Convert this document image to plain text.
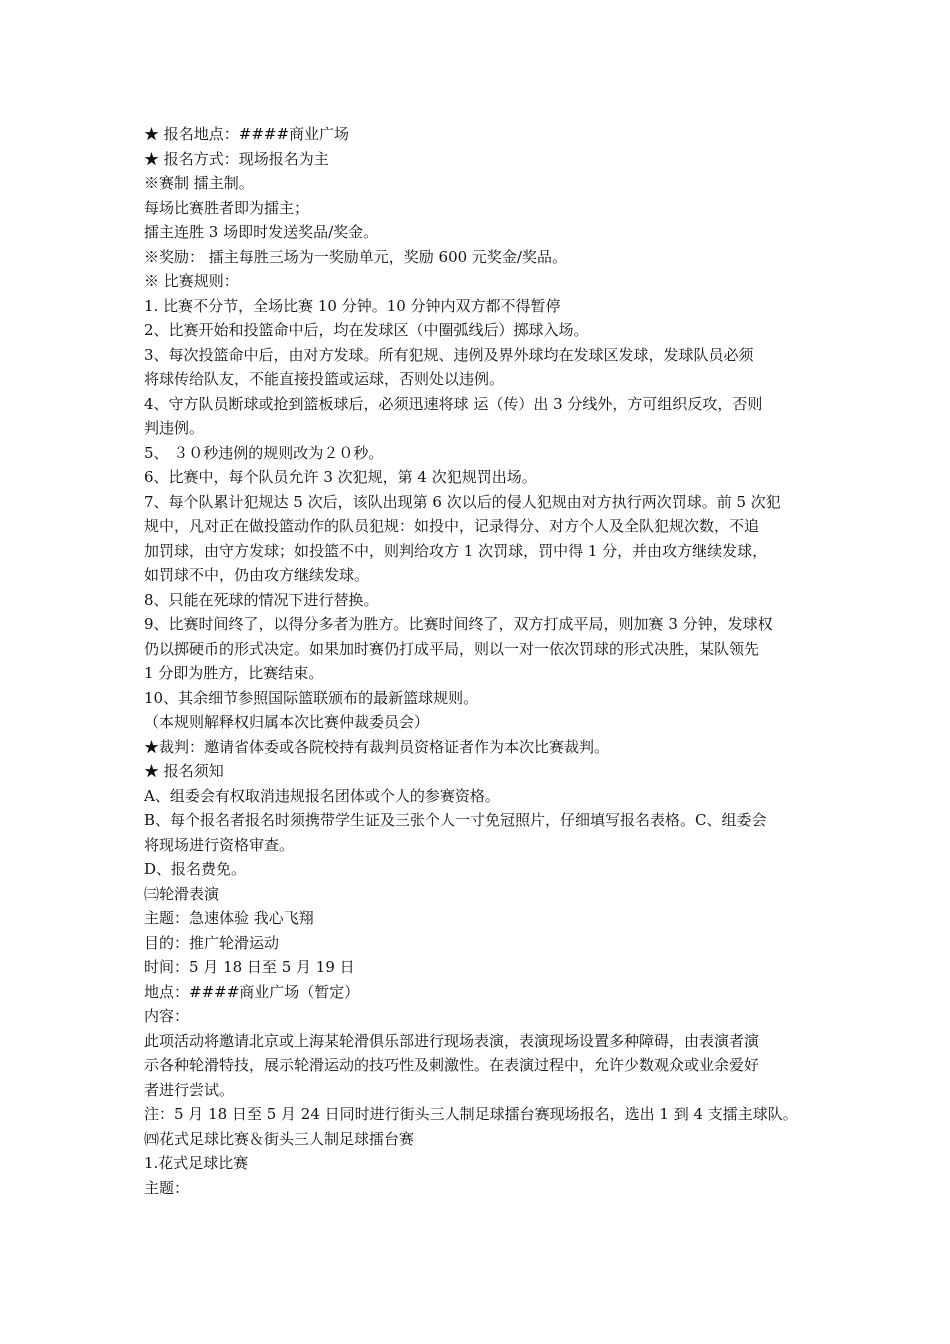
★ 报名地点：####商业广场
★ 报名方式：现场报名为主
※赛制 擂主制。
每场比赛胜者即为擂主；
擂主连胜 3 场即时发送奖品/奖金。
※奖励： 擂主每胜三场为一奖励单元，奖励 600 元奖金/奖品。
※ 比赛规则：
1. 比赛不分节，全场比赛 10 分钟。10 分钟内双方都不得暂停
2、比赛开始和投篮命中后，均在发球区（中圈弧线后）掷球入场。
3、每次投篮命中后，由对方发球。所有犯规、违例及界外球均在发球区发球，发球队员必须
将球传给队友，不能直接投篮或运球，否则处以违例。
4、守方队员断球或抢到篮板球后，必须迅速将球 运（传）出 3 分线外，方可组织反攻，否则
判违例。
5、 ３０秒违例的规则改为２０秒。
6、比赛中，每个队员允许 3 次犯规，第 4 次犯规罚出场。
7、每个队累计犯规达 5 次后，该队出现第 6 次以后的侵人犯规由对方执行两次罚球。前 5 次犯
规中，凡对正在做投篮动作的队员犯规：如投中，记录得分、对方个人及全队犯规次数，不追
加罚球，由守方发球；如投篮不中，则判给攻方 1 次罚球，罚中得 1 分，并由攻方继续发球，
如罚球不中，仍由攻方继续发球。
8、只能在死球的情况下进行替换。
9、比赛时间终了，以得分多者为胜方。比赛时间终了，双方打成平局，则加赛 3 分钟，发球权
仍以掷硬币的形式决定。如果加时赛仍打成平局，则以一对一依次罚球的形式决胜，某队领先
1 分即为胜方，比赛结束。
10、其余细节参照国际篮联颁布的最新篮球规则。
（本规则解释权归属本次比赛仲裁委员会）
★裁判：邀请省体委或各院校持有裁判员资格证者作为本次比赛裁判。
★ 报名须知
A、组委会有权取消违规报名团体或个人的参赛资格。
B、每个报名者报名时须携带学生证及三张个人一寸免冠照片，仔细填写报名表格。C、组委会
将现场进行资格审查。
D、报名费免。
㈢轮滑表演
主题：急速体验 我心飞翔
目的：推广轮滑运动
时间：5 月 18 日至 5 月 19 日
地点：####商业广场（暂定）
内容：
此项活动将邀请北京或上海某轮滑俱乐部进行现场表演，表演现场设置多种障碍，由表演者演
示各种轮滑特技，展示轮滑运动的技巧性及刺激性。在表演过程中，允许少数观众或业余爱好
者进行尝试。
注：5 月 18 日至 5 月 24 日同时进行街头三人制足球擂台赛现场报名，选出 1 到 4 支擂主球队。
㈣花式足球比赛＆街头三人制足球擂台赛
1.花式足球比赛
主题：
